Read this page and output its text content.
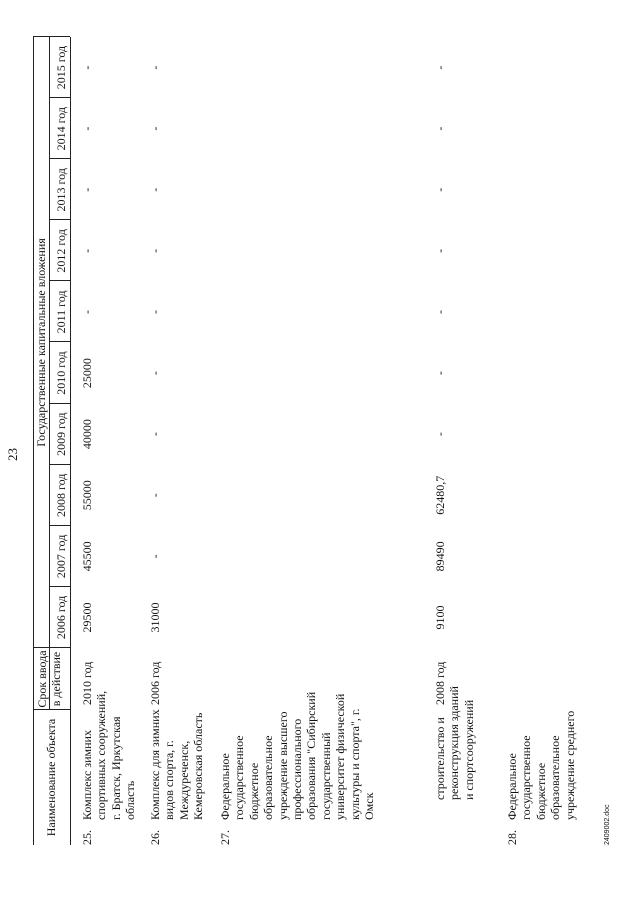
23
Наименование объекта
Срок ввода в действие
Государственные капитальные вложения
2006 год
2007 год
2008 год
2009 год
2010 год
2011 год
2012 год
2013 год
2014 год
2015 год
25.
Комплекс зимних спортивных сооружений, г. Братск, Иркутская область
2010 год
29500
45500
55000
40000
25000
-
-
-
-
-
26.
Комплекс для зимних видов спорта, г. Междуреченск, Кемеровская область
2006 год
31000
-
-
-
-
-
-
-
-
-
27.
Федеральное государственное бюджетное образовательное учреждение высшего профессионального образования "Сибирский государственный университет физической культуры и спорта", г. Омск
строительство и реконструкция зданий и спортсооружений
2008 год
9100
89490
62480,7
-
-
-
-
-
-
-
28.
Федеральное государственное бюджетное образовательное учреждение среднего
2409002.doc
